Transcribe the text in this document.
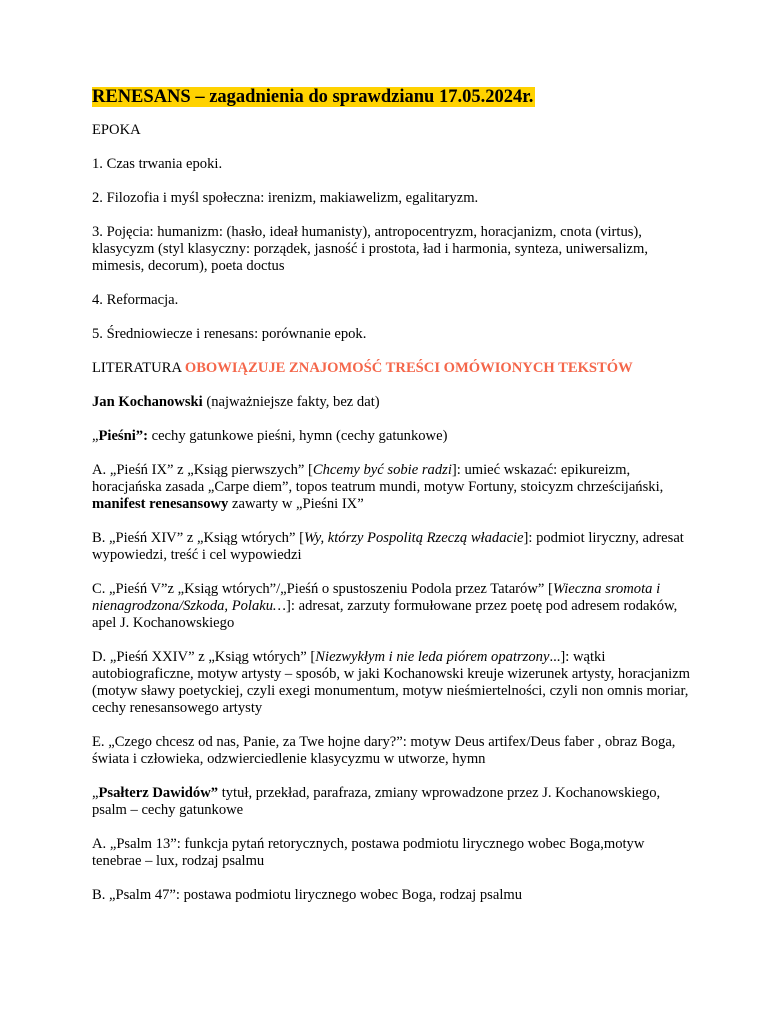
RENESANS – zagadnienia do sprawdzianu 17.05.2024r.

EPOKA

1. Czas trwania epoki.

2. Filozofia i myśl społeczna: irenizm, makiawelizm, egalitaryzm.

3. Pojęcia: humanizm: (hasło, ideał humanisty), antropocentryzm, horacjanizm, cnota (virtus), klasycyzm (styl klasyczny: porządek, jasność i prostota, ład i harmonia, synteza, uniwersalizm, mimesis, decorum), poeta doctus

4. Reformacja.

5. Średniowiecze i renesans: porównanie epok.

LITERATURA OBOWIĄZUJE ZNAJOMOŚĆ TREŚCI OMÓWIONYCH TEKSTÓW

Jan Kochanowski (najważniejsze fakty, bez dat)

„Pieśni”: cechy gatunkowe pieśni, hymn (cechy gatunkowe)

A. „Pieśń IX” z „Ksiąg pierwszych” [Chcemy być sobie radzi]: umieć wskazać: epikureizm, horacjańska zasada „Carpe diem”, topos teatrum mundi, motyw Fortuny, stoicyzm chrześcijański, manifest renesansowy zawarty w „Pieśni IX”

B. „Pieśń XIV” z „Ksiąg wtórych” [Wy, którzy Pospolitą Rzeczą władacie]: podmiot liryczny, adresat wypowiedzi, treść i cel wypowiedzi

C. „Pieśń V”z „Ksiąg wtórych”/„Pieśń o spustoszeniu Podola przez Tatarów” [Wieczna sromota i nienagrodzona/Szkoda, Polaku…]: adresat, zarzuty formułowane przez poetę pod adresem rodaków, apel J. Kochanowskiego

D. „Pieśń XXIV” z „Ksiąg wtórych” [Niezwykłym i nie leda piórem opatrzony...]: wątki autobiograficzne, motyw artysty – sposób, w jaki Kochanowski kreuje wizerunek artysty, horacjanizm (motyw sławy poetyckiej, czyli exegi monumentum, motyw nieśmiertelności, czyli non omnis moriar, cechy renesansowego artysty

E. „Czego chcesz od nas, Panie, za Twe hojne dary?”: motyw Deus artifex/Deus faber , obraz Boga, świata i człowieka, odzwierciedlenie klasycyzmu w utworze, hymn

„Psałterz Dawidów” tytuł, przekład, parafraza, zmiany wprowadzone przez J. Kochanowskiego, psalm – cechy gatunkowe

A. „Psalm 13”: funkcja pytań retorycznych, postawa podmiotu lirycznego wobec Boga,motyw tenebrae – lux, rodzaj psalmu

B. „Psalm 47”: postawa podmiotu lirycznego wobec Boga, rodzaj psalmu
